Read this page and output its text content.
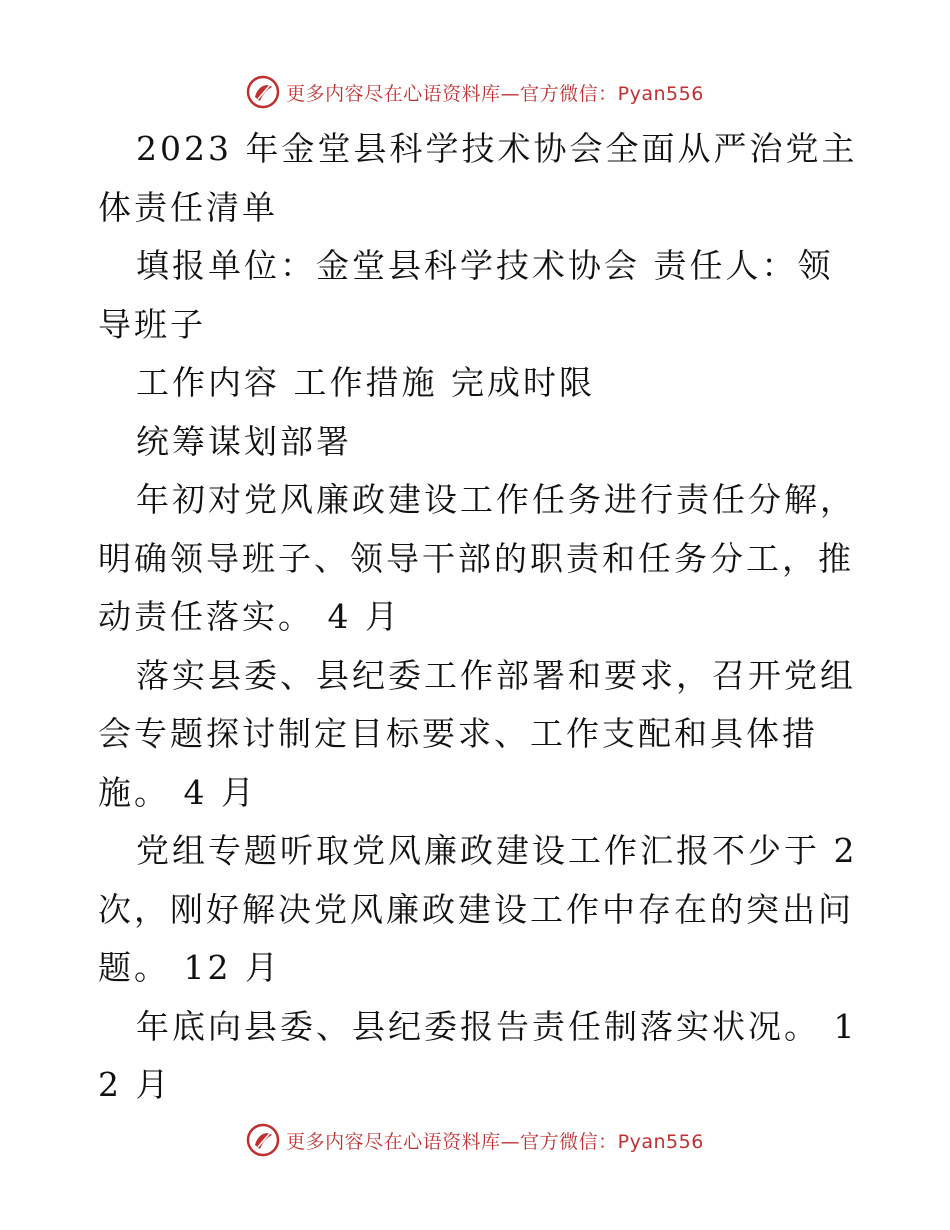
更多内容尽在心语资料库—官方微信：Pyan556

2023 年金堂县科学技术协会全面从严治党主体责任清单

填报单位：金堂县科学技术协会 责任人：领导班子

工作内容 工作措施 完成时限

统筹谋划部署

年初对党风廉政建设工作任务进行责任分解，明确领导班子、领导干部的职责和任务分工，推动责任落实。 4 月

落实县委、县纪委工作部署和要求，召开党组会专题探讨制定目标要求、工作支配和具体措施。 4 月

党组专题听取党风廉政建设工作汇报不少于 2 次，刚好解决党风廉政建设工作中存在的突出问题。 12 月

年底向县委、县纪委报告责任制落实状况。 12 月

更多内容尽在心语资料库—官方微信：Pyan556
